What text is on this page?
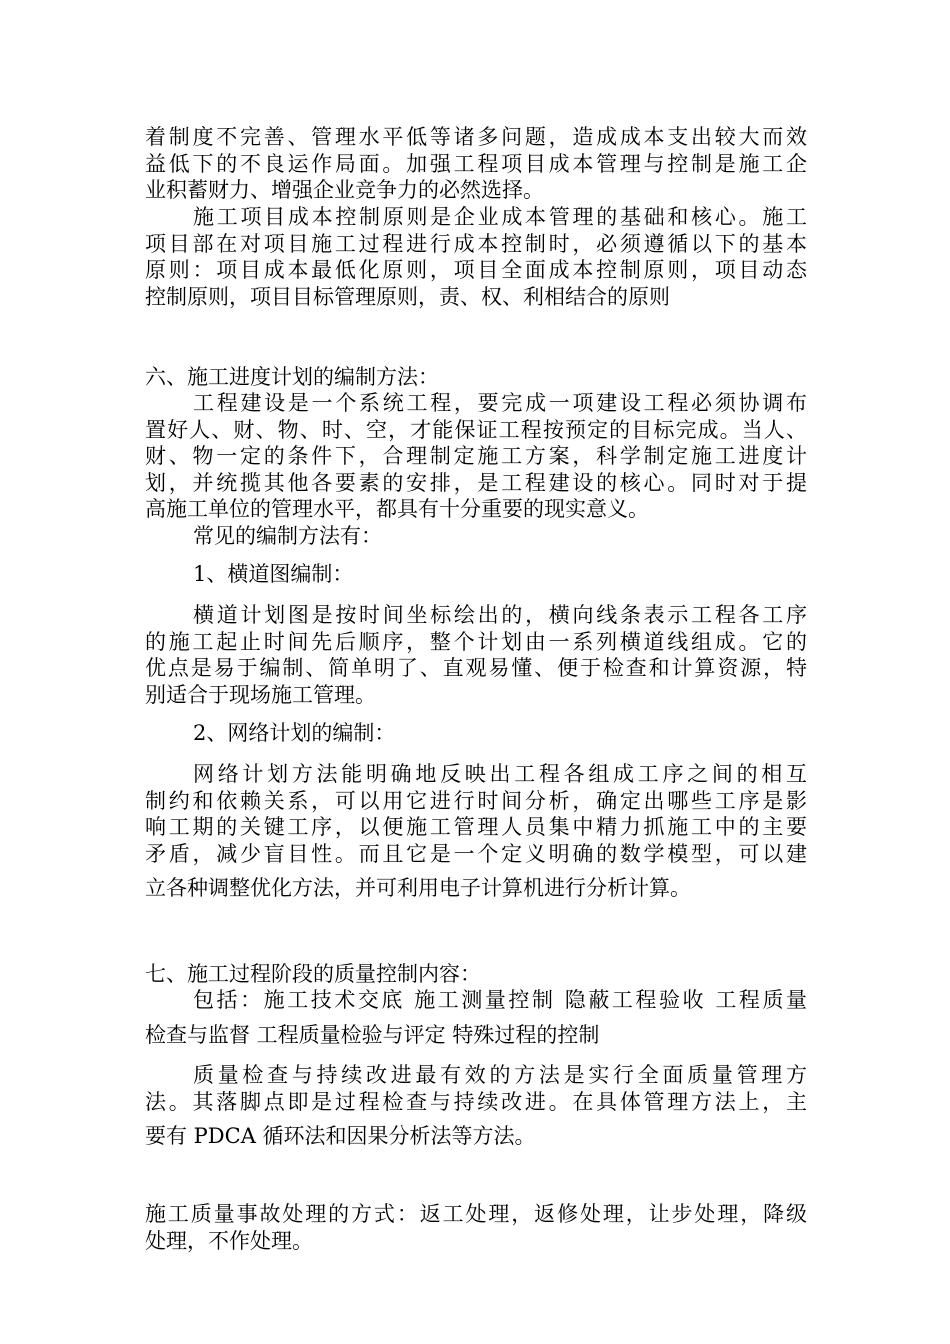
着制度不完善、管理水平低等诸多问题，造成成本支出较大而效
益低下的不良运作局面。加强工程项目成本管理与控制是施工企
业积蓄财力、增强企业竞争力的必然选择。
施工项目成本控制原则是企业成本管理的基础和核心。施工
项目部在对项目施工过程进行成本控制时，必须遵循以下的基本
原则：项目成本最低化原则，项目全面成本控制原则，项目动态
控制原则，项目目标管理原则，责、权、利相结合的原则
六、施工进度计划的编制方法：
工程建设是一个系统工程，要完成一项建设工程必须协调布
置好人、财、物、时、空，才能保证工程按预定的目标完成。当人、
财、物一定的条件下，合理制定施工方案，科学制定施工进度计
划，并统揽其他各要素的安排，是工程建设的核心。同时对于提
高施工单位的管理水平，都具有十分重要的现实意义。
常见的编制方法有：
1、横道图编制：
横道计划图是按时间坐标绘出的，横向线条表示工程各工序
的施工起止时间先后顺序，整个计划由一系列横道线组成。它的
优点是易于编制、简单明了、直观易懂、便于检查和计算资源，特
别适合于现场施工管理。
2、网络计划的编制：
网络计划方法能明确地反映出工程各组成工序之间的相互
制约和依赖关系，可以用它进行时间分析，确定出哪些工序是影
响工期的关键工序，以便施工管理人员集中精力抓施工中的主要
矛盾，减少盲目性。而且它是一个定义明确的数学模型，可以建
立各种调整优化方法，并可利用电子计算机进行分析计算。
七、施工过程阶段的质量控制内容：
包括：施工技术交底 施工测量控制 隐蔽工程验收 工程质量
检查与监督 工程质量检验与评定 特殊过程的控制
质量检查与持续改进最有效的方法是实行全面质量管理方
法。其落脚点即是过程检查与持续改进。在具体管理方法上，主
要有 PDCA 循环法和因果分析法等方法。
施工质量事故处理的方式：返工处理，返修处理，让步处理，降级
处理，不作处理。
